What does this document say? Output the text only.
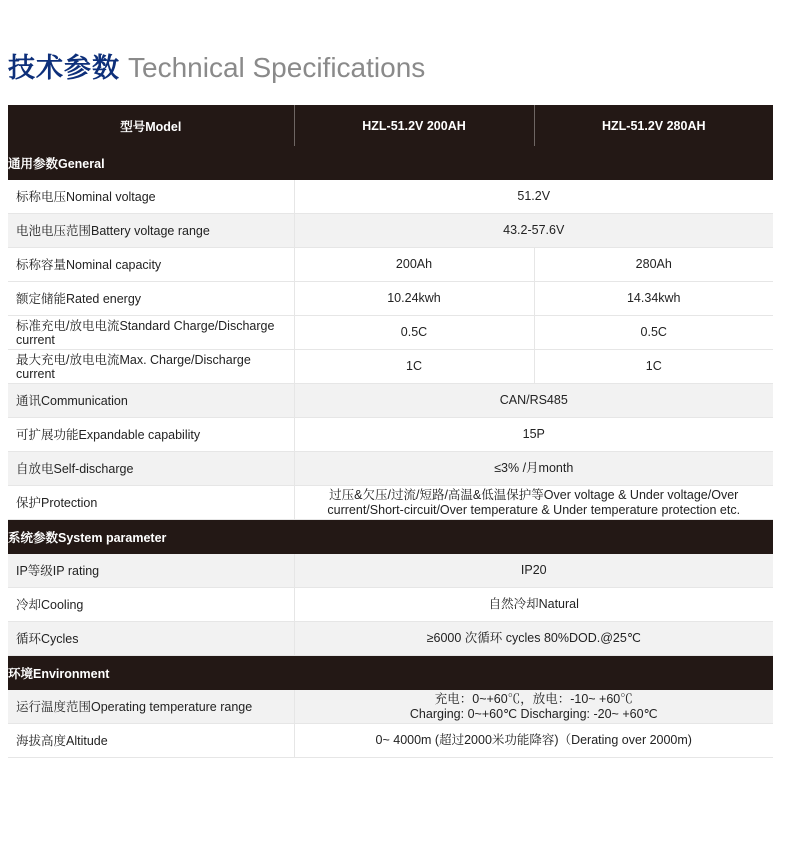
技术参数 Technical Specifications
型号Model	HZL-51.2V 200AH	HZL-51.2V 280AH
通用参数General		
标称电压Nominal voltage	51.2V	
电池电压范围Battery voltage range	43.2-57.6V	
标称容量Nominal capacity	200Ah	280Ah
额定储能Rated energy	10.24kwh	14.34kwh
标准充电/放电电流Standard Charge/Discharge current	0.5C	0.5C
最大充电/放电电流Max. Charge/Discharge current	1C	1C
通讯Communication	CAN/RS485	
可扩展功能Expandable capability	15P	
自放电Self-discharge	≤3% /月month	
保护Protection	过压&欠压/过流/短路/高温&低温保护等Over voltage & Under voltage/Over
current/Short-circuit/Over temperature & Under temperature protection etc.	

系统参数System parameter		
IP等级IP rating	IP20	
冷却Cooling	自然冷却Natural	
循环Cycles	≥6000 次循环 cycles 80%DOD.@25℃	
环境Environment		
运行温度范围Operating temperature range	充电：0~+60℃，放电：-10~ +60℃
Charging: 0~+60℃ Discharging: -20~ +60℃	

海拔高度Altitude	0~ 4000m (超过2000米功能降容)（Derating over 2000m)	
